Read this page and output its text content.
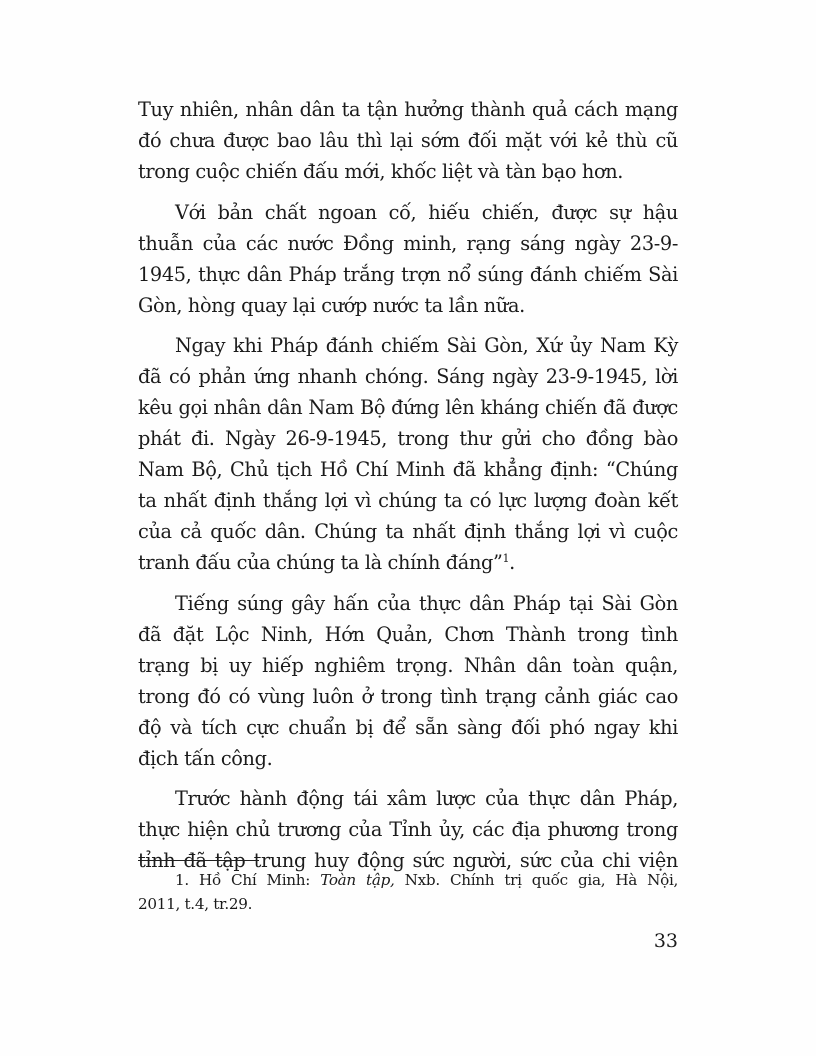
Tuy nhiên, nhân dân ta tận hưởng thành quả cách mạng
đó chưa được bao lâu thì lại sớm đối mặt với kẻ thù cũ
trong cuộc chiến đấu mới, khốc liệt và tàn bạo hơn.

Với bản chất ngoan cố, hiếu chiến, được sự hậu
thuẫn của các nước Đồng minh, rạng sáng ngày 23-9-
1945, thực dân Pháp trắng trợn nổ súng đánh chiếm Sài
Gòn, hòng quay lại cướp nước ta lần nữa.

Ngay khi Pháp đánh chiếm Sài Gòn, Xứ ủy Nam Kỳ
đã có phản ứng nhanh chóng. Sáng ngày 23-9-1945, lời
kêu gọi nhân dân Nam Bộ đứng lên kháng chiến đã được
phát đi. Ngày 26-9-1945, trong thư gửi cho đồng bào
Nam Bộ, Chủ tịch Hồ Chí Minh đã khẳng định: “Chúng
ta nhất định thắng lợi vì chúng ta có lực lượng đoàn kết
của cả quốc dân. Chúng ta nhất định thắng lợi vì cuộc
tranh đấu của chúng ta là chính đáng”$^1$.

Tiếng súng gây hấn của thực dân Pháp tại Sài Gòn
đã đặt Lộc Ninh, Hớn Quản, Chơn Thành trong tình
trạng bị uy hiếp nghiêm trọng. Nhân dân toàn quận,
trong đó có vùng luôn ở trong tình trạng cảnh giác cao
độ và tích cực chuẩn bị để sẵn sàng đối phó ngay khi
địch tấn công.

Trước hành động tái xâm lược của thực dân Pháp,
thực hiện chủ trương của Tỉnh ủy, các địa phương trong
tỉnh đã tập trung huy động sức người, sức của chi viện

1. Hồ Chí Minh: Toàn tập, Nxb. Chính trị quốc gia, Hà Nội,
2011, t.4, tr.29.
33
